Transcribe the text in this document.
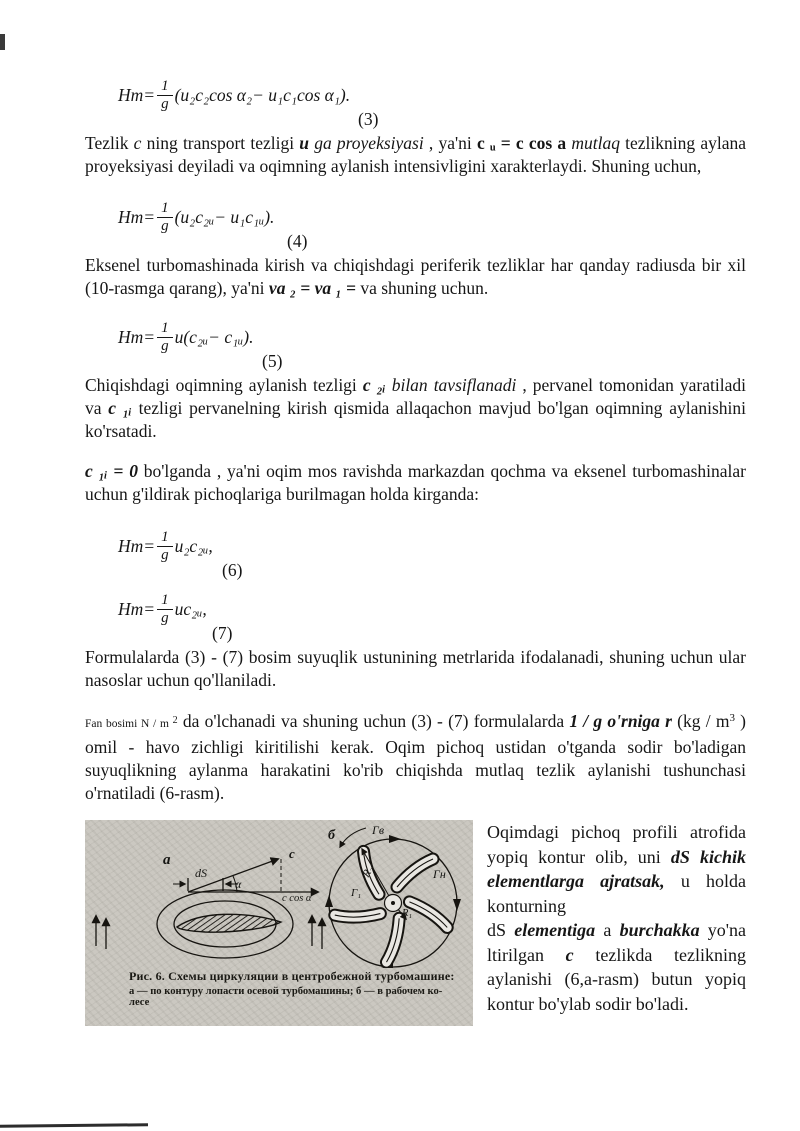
$Hm= \frac{1}{g} (u_2c_2\cos$ α₂− u₁c₁cos α₁).
(3)
Tezlik c ning transport tezligi u ga proyeksiyasi , ya'ni c ᵤ = c cos a mutlaq tezlikning aylana proyeksiyasi deyiladi va oqimning aylanish intensivligini xarakterlaydi. Shuning uchun,
$Hm= \frac{1}{g}$ (u₂c₂ᵤ− u₁c₁ᵤ).
(4)
Eksenel turbomashinada kirish va chiqishdagi periferik tezliklar har qanday radiusda bir xil (10-rasmga qarang), ya'ni va ₂ = va ₁ = va shuning uchun.
$Hm= \frac{1}{g}$ u(c₂ᵤ− c₁ᵤ).
(5)
Chiqishdagi oqimning aylanish tezligi c ₂ᵢ bilan tavsiflanadi , pervanel tomonidan yaratiladi va c ₁ᵢ tezligi pervanelning kirish qismida allaqachon mavjud bo'lgan oqimning aylanishini ko'rsatadi.
c ₁ᵢ = 0 bo'lganda , ya'ni oqim mos ravishda markazdan qochma va eksenel turbomashinalar uchun g'ildirak pichoqlariga burilmagan holda kirganda:
$Hm= \frac{1}{g}$ u₂c₂ᵤ,
(6)
$Hm= \frac{1}{g}$ uc₂ᵤ,
(7)
Formulalarda (3) - (7) bosim suyuqlik ustunining metrlarida ifodalanadi, shuning uchun ular nasoslar uchun qo'llaniladi.
Fan bosimi N / m $^2$ da o'lchanadi va shuning uchun (3) - (7) formulalarda 1 / g o'rniga r ($kg / m^3$ ) omil - havo zichligi kiritilishi kerak. Oqim pichoq ustidan o'tganda sodir bo'ladigan suyuqlikning aylanma harakatini ko'rib chiqishda mutlaq tezlik aylanishi tushunchasi o'rnatiladi (6-rasm).
a
dS
c
α
c cos α
б	Γв
R₂	Γн
Γ₁
R₁
Рис. 6. Схемы циркуляции в центробежной турбомашине:
a — по контуру лопасти осевой турбомашины; б — в рабочем ко-
лесе
Oqimdagi pichoq profili atrofida yopiq kontur olib, uni dS kichik elementlarga ajratsak, u holda konturning
dS elementiga a burchakka yo'na ltirilgan c tezlikda tezlikning aylanishi (6,a-rasm) butun yopiq kontur bo'ylab sodir bo'ladi.
